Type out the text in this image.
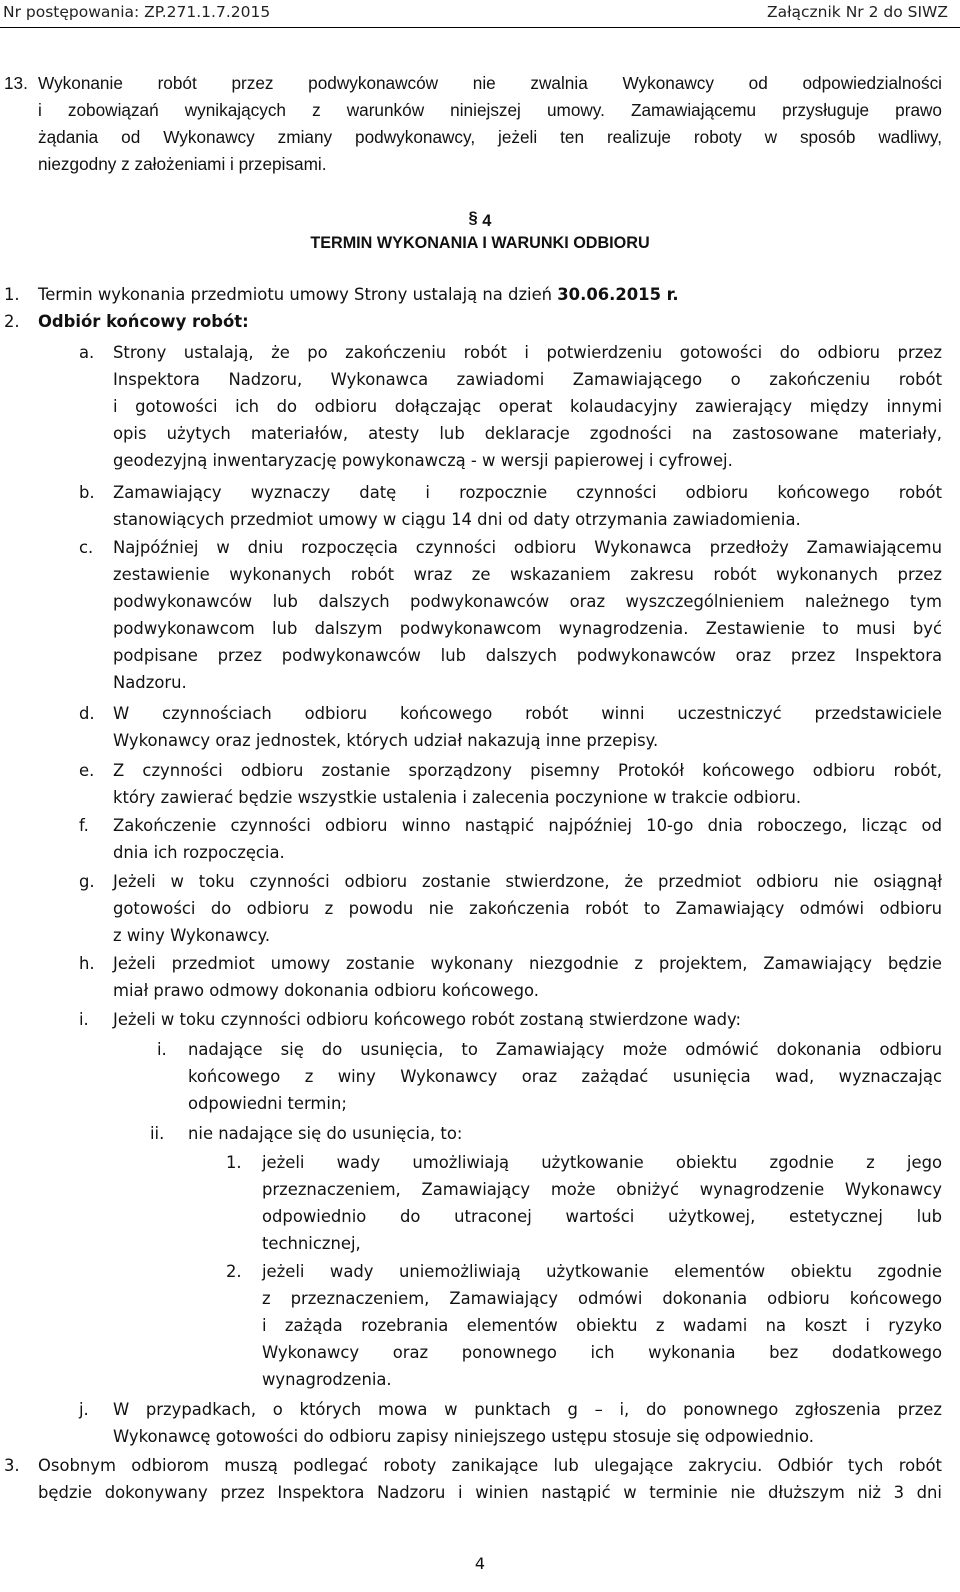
Nr postępowania: ZP.271.1.7.2015	Załącznik Nr 2 do SIWZ
13. Wykonanie robót przez podwykonawców nie zwalnia Wykonawcy od odpowiedzialności
i zobowiązań wynikających z warunków niniejszej umowy. Zamawiającemu przysługuje prawo
żądania od Wykonawcy zmiany podwykonawcy, jeżeli ten realizuje roboty w sposób wadliwy,
niezgodny z założeniami i przepisami.
§ 4
TERMIN WYKONANIA I WARUNKI ODBIORU
1. Termin wykonania przedmiotu umowy Strony ustalają na dzień 30.06.2015 r.
2. Odbiór końcowy robót:
a. Strony ustalają, że po zakończeniu robót i potwierdzeniu gotowości do odbioru przez
Inspektora Nadzoru, Wykonawca zawiadomi Zamawiającego o zakończeniu robót
i gotowości ich do odbioru dołączając operat kolaudacyjny zawierający między innymi
opis użytych materiałów, atesty lub deklaracje zgodności na zastosowane materiały,
geodezyjną inwentaryzację powykonawczą - w wersji papierowej i cyfrowej.
b. Zamawiający wyznaczy datę i rozpocznie czynności odbioru końcowego robót
stanowiących przedmiot umowy w ciągu 14 dni od daty otrzymania zawiadomienia.
c. Najpóźniej w dniu rozpoczęcia czynności odbioru Wykonawca przedłoży Zamawiającemu
zestawienie wykonanych robót wraz ze wskazaniem zakresu robót wykonanych przez
podwykonawców lub dalszych podwykonawców oraz wyszczególnieniem należnego tym
podwykonawcom lub dalszym podwykonawcom wynagrodzenia. Zestawienie to musi być
podpisane przez podwykonawców lub dalszych podwykonawców oraz przez Inspektora
Nadzoru.
d. W czynnościach odbioru końcowego robót winni uczestniczyć przedstawiciele
Wykonawcy oraz jednostek, których udział nakazują inne przepisy.
e. Z czynności odbioru zostanie sporządzony pisemny Protokół końcowego odbioru robót,
który zawierać będzie wszystkie ustalenia i zalecenia poczynione w trakcie odbioru.
f. Zakończenie czynności odbioru winno nastąpić najpóźniej 10-go dnia roboczego, licząc od
dnia ich rozpoczęcia.
g. Jeżeli w toku czynności odbioru zostanie stwierdzone, że przedmiot odbioru nie osiągnął
gotowości do odbioru z powodu nie zakończenia robót to Zamawiający odmówi odbioru
z winy Wykonawcy.
h. Jeżeli przedmiot umowy zostanie wykonany niezgodnie z projektem, Zamawiający będzie
miał prawo odmowy dokonania odbioru końcowego.
i. Jeżeli w toku czynności odbioru końcowego robót zostaną stwierdzone wady:
i. nadające się do usunięcia, to Zamawiający może odmówić dokonania odbioru
końcowego z winy Wykonawcy oraz zażądać usunięcia wad, wyznaczając
odpowiedni termin;
ii. nie nadające się do usunięcia, to:
1. jeżeli wady umożliwiają użytkowanie obiektu zgodnie z jego
przeznaczeniem, Zamawiający może obniżyć wynagrodzenie Wykonawcy
odpowiednio do utraconej wartości użytkowej, estetycznej lub
technicznej,
2. jeżeli wady uniemożliwiają użytkowanie elementów obiektu zgodnie
z przeznaczeniem, Zamawiający odmówi dokonania odbioru końcowego
i zażąda rozebrania elementów obiektu z wadami na koszt i ryzyko
Wykonawcy oraz ponownego ich wykonania bez dodatkowego
wynagrodzenia.
j. W przypadkach, o których mowa w punktach g – i, do ponownego zgłoszenia przez
Wykonawcę gotowości do odbioru zapisy niniejszego ustępu stosuje się odpowiednio.
3. Osobnym odbiorom muszą podlegać roboty zanikające lub ulegające zakryciu. Odbiór tych robót
będzie dokonywany przez Inspektora Nadzoru i winien nastąpić w terminie nie dłuższym niż 3 dni
4
